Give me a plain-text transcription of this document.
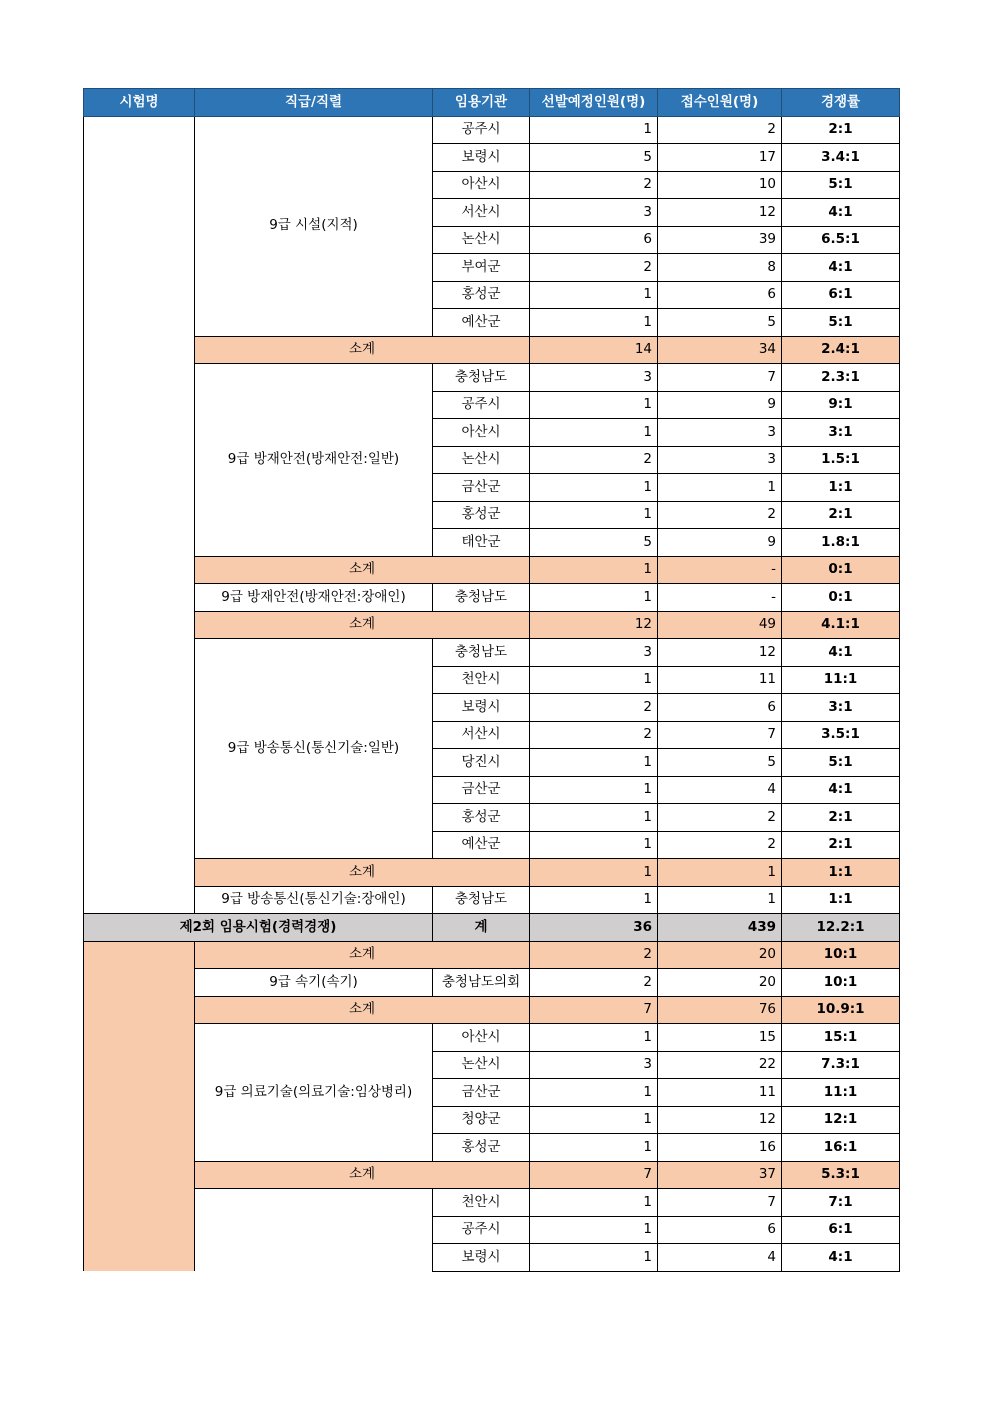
시험명	직급/직렬	임용기관	선발예정인원(명)	접수인원(명)	경쟁률
	9급 시설(지적)	공주시	1	2	2:1
		보령시	5	17	3.4:1
		아산시	2	10	5:1
		서산시	3	12	4:1
		논산시	6	39	6.5:1
		부여군	2	8	4:1
		홍성군	1	6	6:1
		예산군	1	5	5:1
	소계		14	34	2.4:1
	9급 방재안전(방재안전:일반)	충청남도	3	7	2.3:1
		공주시	1	9	9:1
		아산시	1	3	3:1
		논산시	2	3	1.5:1
		금산군	1	1	1:1
		홍성군	1	2	2:1
		태안군	5	9	1.8:1
	소계		1	-	0:1
	9급 방재안전(방재안전:장애인)	충청남도	1	-	0:1
	소계		12	49	4.1:1
	9급 방송통신(통신기술:일반)	충청남도	3	12	4:1
		천안시	1	11	11:1
		보령시	2	6	3:1
		서산시	2	7	3.5:1
		당진시	1	5	5:1
		금산군	1	4	4:1
		홍성군	1	2	2:1
		예산군	1	2	2:1
	소계		1	1	1:1
	9급 방송통신(통신기술:장애인)	충청남도	1	1	1:1
제2회 임용시험(경력경쟁)		계	36	439	12.2:1
	소계		2	20	10:1
	9급 속기(속기)	충청남도의회	2	20	10:1
	소계		7	76	10.9:1
	9급 의료기술(의료기술:임상병리)	아산시	1	15	15:1
		논산시	3	22	7.3:1
		금산군	1	11	11:1
		청양군	1	12	12:1
		홍성군	1	16	16:1
	소계		7	37	5.3:1
		천안시	1	7	7:1
		공주시	1	6	6:1
		보령시	1	4	4:1
